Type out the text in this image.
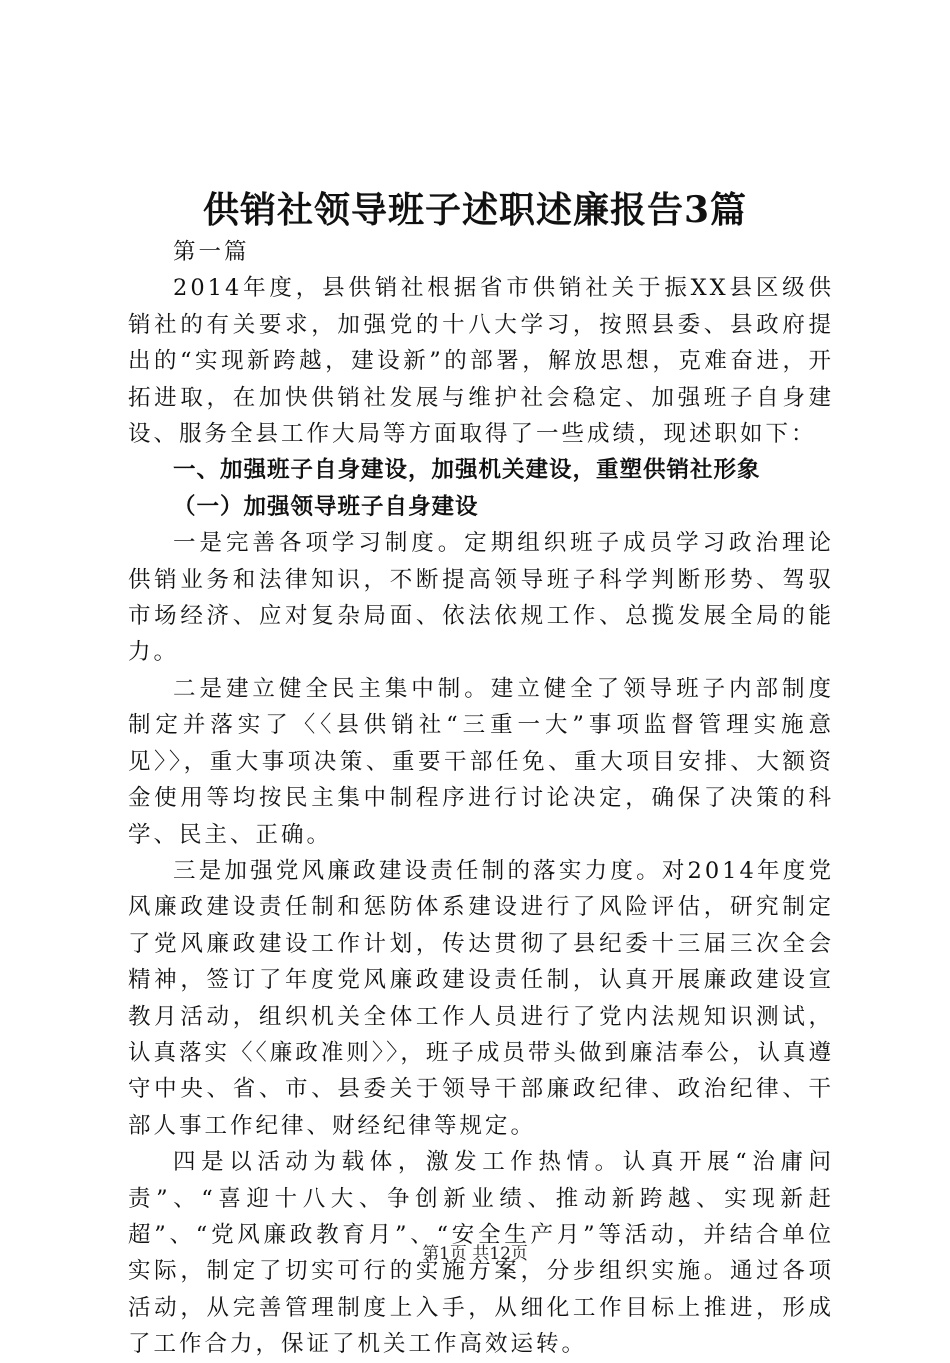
供销社领导班子述职述廉报告3篇

第一篇

2014年度，县供销社根据省市供销社关于振XX县区级供销社的有关要求，加强党的十八大学习，按照县委、县政府提出的“实现新跨越，建设新”的部署，解放思想，克难奋进，开拓进取，在加快供销社发展与维护社会稳定、加强班子自身建设、服务全县工作大局等方面取得了一些成绩，现述职如下：

一、加强班子自身建设，加强机关建设，重塑供销社形象

（一）加强领导班子自身建设

一是完善各项学习制度。定期组织班子成员学习政治理论供销业务和法律知识，不断提高领导班子科学判断形势、驾驭市场经济、应对复杂局面、依法依规工作、总揽发展全局的能力。

二是建立健全民主集中制。建立健全了领导班子内部制度制定并落实了〈〈县供销社“三重一大”事项监督管理实施意见〉〉，重大事项决策、重要干部任免、重大项目安排、大额资金使用等均按民主集中制程序进行讨论决定，确保了决策的科学、民主、正确。

三是加强党风廉政建设责任制的落实力度。对2014年度党风廉政建设责任制和惩防体系建设进行了风险评估，研究制定了党风廉政建设工作计划，传达贯彻了县纪委十三届三次全会精神，签订了年度党风廉政建设责任制，认真开展廉政建设宣教月活动，组织机关全体工作人员进行了党内法规知识测试，认真落实〈〈廉政准则〉〉，班子成员带头做到廉洁奉公，认真遵守中央、省、市、县委关于领导干部廉政纪律、政治纪律、干部人事工作纪律、财经纪律等规定。

四是以活动为载体，激发工作热情。认真开展“治庸问责”、“喜迎十八大、争创新业绩、推动新跨越、实现新赶超”、“党风廉政教育月”、“安全生产月”等活动，并结合单位实际，制定了切实可行的实施方案，分步组织实施。通过各项活动，从完善管理制度上入手，从细化工作目标上推进，形成了工作合力，保证了机关工作高效运转。

第1页 共12页
